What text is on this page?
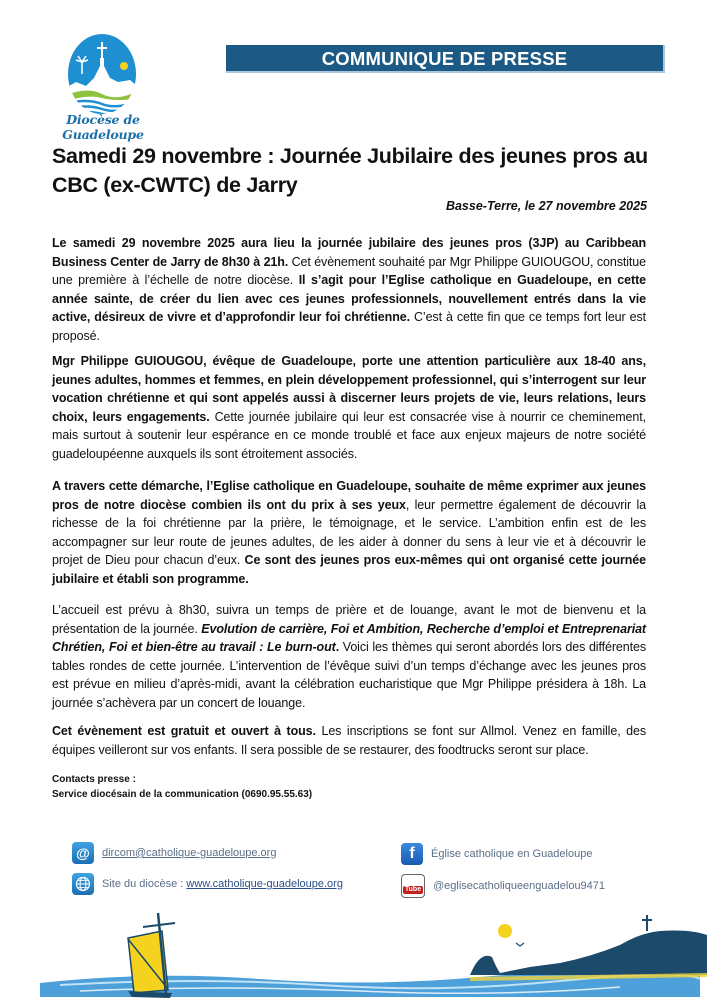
Diocèse de Guadeloupe
COMMUNIQUE DE PRESSE
Samedi 29 novembre : Journée Jubilaire des jeunes pros au
CBC (ex-CWTC) de Jarry
Basse-Terre, le 27 novembre 2025
Le samedi 29 novembre 2025 aura lieu la journée jubilaire des jeunes pros (3JP) au Caribbean Business Center de Jarry de 8h30 à 21h. Cet évènement souhaité par Mgr Philippe GUIOUGOU, constitue une première à l’échelle de notre diocèse. Il s’agit pour l’Eglise catholique en Guadeloupe, en cette année sainte, de créer du lien avec ces jeunes professionnels, nouvellement entrés dans la vie active, désireux de vivre et d’approfondir leur foi chrétienne. C’est à cette fin que ce temps fort leur est proposé.
Mgr Philippe GUIOUGOU, évêque de Guadeloupe, porte une attention particulière aux 18-40 ans, jeunes adultes, hommes et femmes, en plein développement professionnel, qui s’interrogent sur leur vocation chrétienne et qui sont appelés aussi à discerner leurs projets de vie, leurs relations, leurs choix, leurs engagements. Cette journée jubilaire qui leur est consacrée vise à nourrir ce cheminement, mais surtout à soutenir leur espérance en ce monde troublé et face aux enjeux majeurs de notre société guadeloupéenne auxquels ils sont étroitement associés.
A travers cette démarche, l’Eglise catholique en Guadeloupe, souhaite de même exprimer aux jeunes pros de notre diocèse combien ils ont du prix à ses yeux, leur permettre également de découvrir la richesse de la foi chrétienne par la prière, le témoignage, et le service. L’ambition enfin est de les accompagner sur leur route de jeunes adultes, de les aider à donner du sens à leur vie et à découvrir le projet de Dieu pour chacun d’eux. Ce sont des jeunes pros eux-mêmes qui ont organisé cette journée jubilaire et établi son programme.
L’accueil est prévu à 8h30, suivra un temps de prière et de louange, avant le mot de bienvenu et la présentation de la journée. Evolution de carrière, Foi et Ambition, Recherche d’emploi et Entreprenariat Chrétien, Foi et bien-être au travail : Le burn-out. Voici les thèmes qui seront abordés lors des différentes tables rondes de cette journée. L’intervention de l’évêque suivi d’un temps d’échange avec les jeunes pros est prévue en milieu d’après-midi, avant la célébration eucharistique que Mgr Philippe présidera à 18h. La journée s’achèvera par un concert de louange.
Cet évènement est gratuit et ouvert à tous. Les inscriptions se font sur Allmol. Venez en famille, des équipes veilleront sur vos enfants. Il sera possible de se restaurer, des foodtrucks seront sur place.
Contacts presse :
Service diocésain de la communication (0690.95.55.63)
@	dircom@catholique-guadeloupe.org
Site du diocèse :
www.catholique-guadeloupe.org
f	Église catholique en Guadeloupe
You
Tube @eglisecatholiqueenguadelou9471
